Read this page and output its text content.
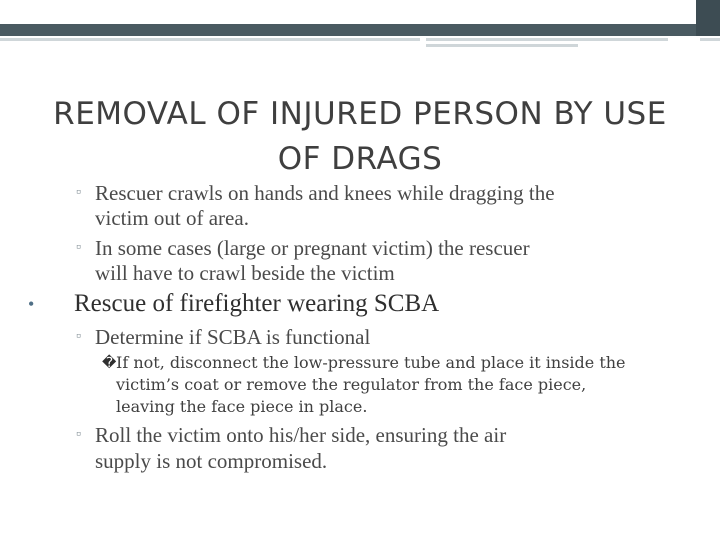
REMOVAL OF INJURED PERSON BY USE
OF DRAGS
▫ Rescuer crawls on hands and knees while dragging the
victim out of area.
▫ In some cases (large or pregnant victim) the rescuer
will have to crawl beside the victim
• Rescue of firefighter wearing SCBA
▫ Determine if SCBA is functional
� If not, disconnect the low-pressure tube and place it inside the
victim’s coat or remove the regulator from the face piece,
leaving the face piece in place.
▫ Roll the victim onto his/her side, ensuring the air
supply is not compromised.
